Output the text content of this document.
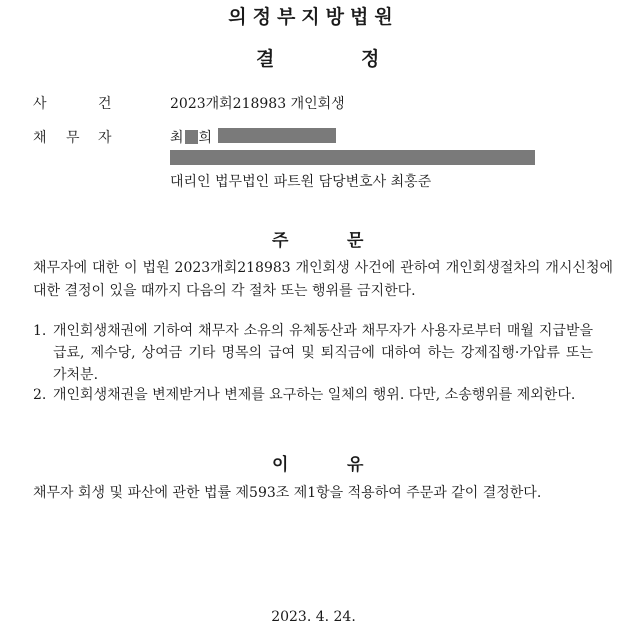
의정부지방법원
결	정
사	건	2023개회218983 개인회생
채 무 자	최 희
대리인 법무법인 파트원 담당변호사 최홍준
주	문
채무자에 대한 이 법원 2023개회218983 개인회생 사건에 관하여 개인회생절차의 개시신청에 대한 결정이 있을 때까지 다음의 각 절차 또는 행위를 금지한다.
1. 개인회생채권에 기하여 채무자 소유의 유체동산과 채무자가 사용자로부터 매월 지급받을 급료, 제수당, 상여금 기타 명목의 급여 및 퇴직금에 대하여 하는 강제집행·가압류 또는 가처분.
2. 개인회생채권을 변제받거나 변제를 요구하는 일체의 행위. 다만, 소송행위를 제외한다.
이	유
채무자 회생 및 파산에 관한 법률 제593조 제1항을 적용하여 주문과 같이 결정한다.
2023. 4. 24.
